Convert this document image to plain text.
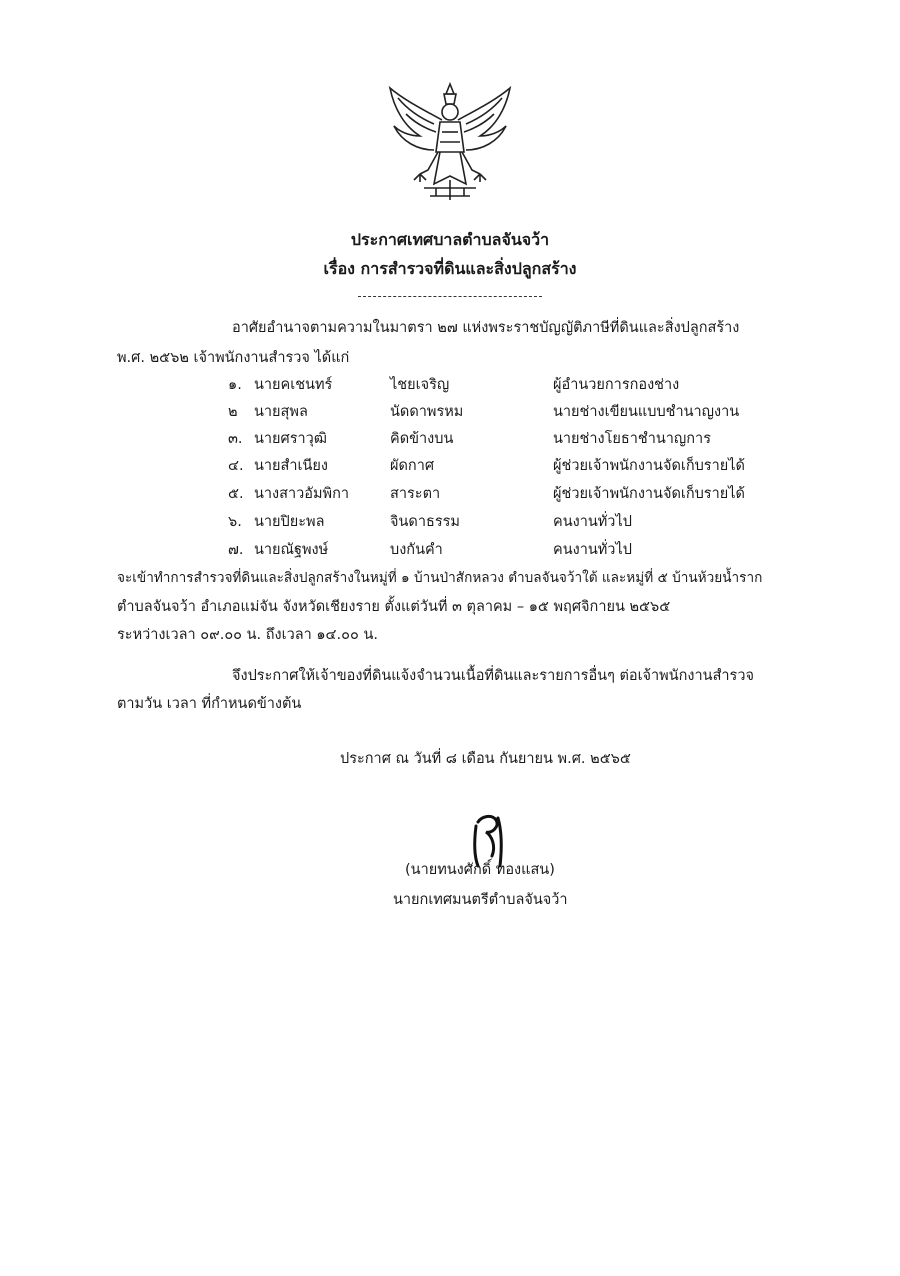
ประกาศเทศบาลตำบลจันจว้า
เรื่อง การสำรวจที่ดินและสิ่งปลูกสร้าง
อาศัยอำนาจตามความในมาตรา ๒๗ แห่งพระราชบัญญัติภาษีที่ดินและสิ่งปลูกสร้าง
พ.ศ. ๒๕๖๒ เจ้าพนักงานสำรวจ ได้แก่
๑. นายคเชนทร์	ไชยเจริญ	ผู้อำนวยการกองช่าง
๒ นายสุพล	นัดดาพรหม	นายช่างเขียนแบบชำนาญงาน
๓. นายศราวุฒิ	คิดข้างบน	นายช่างโยธาชำนาญการ
๔. นายสำเนียง	ผัดกาศ	ผู้ช่วยเจ้าพนักงานจัดเก็บรายได้
๕. นางสาวอัมพิกา	สาระตา	ผู้ช่วยเจ้าพนักงานจัดเก็บรายได้
๖. นายปิยะพล	จินดาธรรม	คนงานทั่วไป
๗. นายณัฐพงษ์	บงกันคำ	คนงานทั่วไป
จะเข้าทำการสำรวจที่ดินและสิ่งปลูกสร้างในหมู่ที่ ๑ บ้านป่าสักหลวง ตำบลจันจว้าใต้ และหมู่ที่ ๕ บ้านห้วยน้ำราก
ตำบลจันจว้า อำเภอแม่จัน จังหวัดเชียงราย ตั้งแต่วันที่ ๓ ตุลาคม – ๑๕ พฤศจิกายน ๒๕๖๕
ระหว่างเวลา ๐๙.๐๐ น. ถึงเวลา ๑๔.๐๐ น.
จึงประกาศให้เจ้าของที่ดินแจ้งจำนวนเนื้อที่ดินและรายการอื่นๆ ต่อเจ้าพนักงานสำรวจ
ตามวัน เวลา ที่กำหนดข้างต้น
ประกาศ ณ วันที่ ๘ เดือน กันยายน พ.ศ. ๒๕๖๕
(นายทนงศักดิ์ ทองแสน)
นายกเทศมนตรีตำบลจันจว้า
